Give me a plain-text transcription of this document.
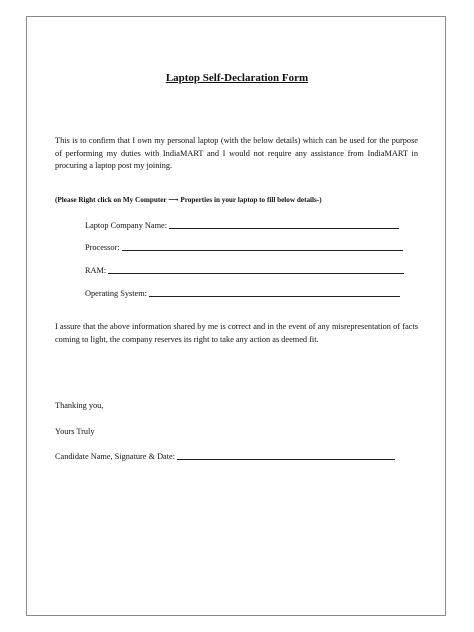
Laptop Self-Declaration Form

This is to confirm that I own my personal laptop (with the below details) which can be used for the purpose of performing my duties with IndiaMART and I would not require any assistance from IndiaMART in procuring a laptop post my joining.

(Please Right click on My Computer ⟶ Properties in your laptop to fill below details-)
Laptop Company Name:
Processor:
RAM:
Operating System:

I assure that the above information shared by me is correct and in the event of any misrepresentation of facts coming to light, the company reserves its right to take any action as deemed fit.

Thanking you,
Yours Truly
Candidate Name, Signature & Date:
